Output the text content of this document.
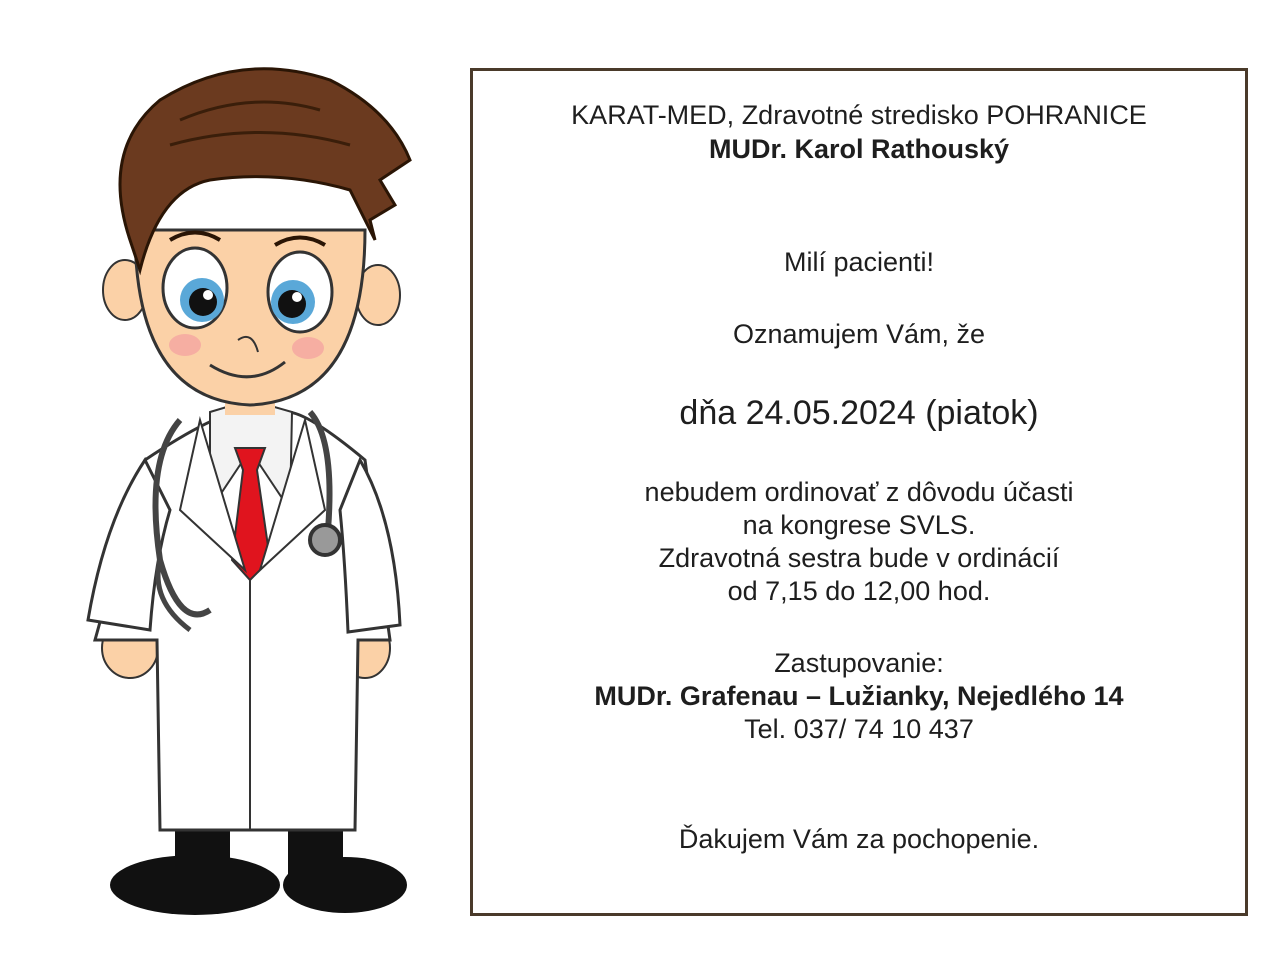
KARAT-MED, Zdravotné stredisko POHRANICE
MUDr. Karol Rathouský
Milí pacienti!
Oznamujem Vám, že
dňa 24.05.2024 (piatok)
nebudem ordinovať z dôvodu účasti
na kongrese SVLS.
Zdravotná sestra bude v ordinácií
od 7,15 do 12,00 hod.
Zastupovanie:
MUDr. Grafenau – Lužianky, Nejedlého 14
Tel. 037/ 74 10 437
Ďakujem Vám za pochopenie.
